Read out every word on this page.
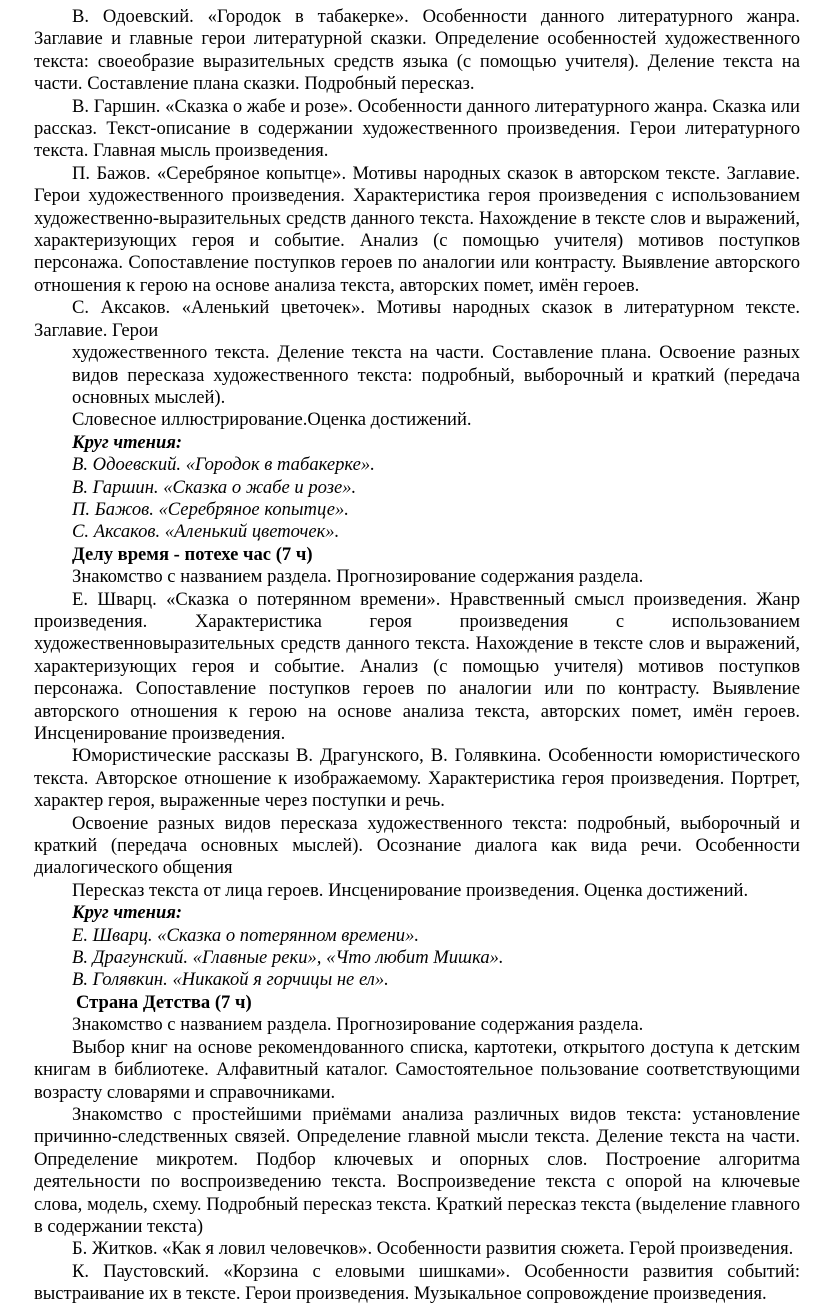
В. Одоевский. «Городок в табакерке». Особенности данного литературного жанра. Заглавие и главные герои литературной сказки. Определение особенностей художественного текста: своеобразие выразительных средств языка (с помощью учителя). Деление текста на части. Составление плана сказки. Подробный пересказ.
В. Гаршин. «Сказка о жабе и розе». Особенности данного литературного жанра. Сказка или рассказ. Текст-описание в содержании художественного произведения. Герои литературного текста. Главная мысль произведения.
П. Бажов. «Серебряное копытце». Мотивы народных сказок в авторском тексте. Заглавие. Герои художественного произведения. Характеристика героя произведения с использованием художественно-выразительных средств данного текста. Нахождение в тексте слов и выражений, характеризующих героя и событие. Анализ (с помощью учителя) мотивов поступков персонажа. Сопоставление поступков героев по аналогии или контрасту. Выявление авторского отношения к герою на основе анализа текста, авторских помет, имён героев.
С. Аксаков. «Аленький цветочек». Мотивы народных сказок в литературном тексте. Заглавие. Герои
художественного текста. Деление текста на части. Составление плана. Освоение разных видов пересказа художественного текста: подробный, выборочный и краткий (передача основных мыслей).
Словесное иллюстрирование.Оценка достижений.
Круг чтения:
В. Одоевский. «Городок в табакерке».
В. Гаршин. «Сказка о жабе и розе».
П. Бажов. «Серебряное копытце».
С. Аксаков. «Аленький цветочек».
Делу время - потехе час (7 ч)
Знакомство с названием раздела. Прогнозирование содержания раздела.
Е. Шварц. «Сказка о потерянном времени». Нравственный смысл произведения. Жанр произведения. Характеристика героя произведения с использованием художественновыразительных средств данного текста. Нахождение в тексте слов и выражений, характеризующих героя и событие. Анализ (с помощью учителя) мотивов поступков персонажа. Сопоставление поступков героев по аналогии или по контрасту. Выявление авторского отношения к герою на основе анализа текста, авторских помет, имён героев. Инсценирование произведения.
Юмористические рассказы В. Драгунского, В. Голявкина. Особенности юмористического текста. Авторское отношение к изображаемому. Характеристика героя произведения. Портрет, характер героя, выраженные через поступки и речь.
Освоение разных видов пересказа художественного текста: подробный, выборочный и краткий (передача основных мыслей). Осознание диалога как вида речи. Особенности диалогического общения
Пересказ текста от лица героев. Инсценирование произведения. Оценка достижений.
Круг чтения:
Е. Шварц. «Сказка о потерянном времени».
В. Драгунский. «Главные реки», «Что любит Мишка».
В. Голявкин. «Никакой я горчицы не ел».
Страна Детства (7 ч)
Знакомство с названием раздела. Прогнозирование содержания раздела.
Выбор книг на основе рекомендованного списка, картотеки, открытого доступа к детским книгам в библиотеке. Алфавитный каталог. Самостоятельное пользование соответствующими возрасту словарями и справочниками.
Знакомство с простейшими приёмами анализа различных видов текста: установление причинно-следственных связей. Определение главной мысли текста. Деление текста на части. Определение микротем. Подбор ключевых и опорных слов. Построение алгоритма деятельности по воспроизведению текста. Воспроизведение текста с опорой на ключевые слова, модель, схему. Подробный пересказ текста. Краткий пересказ текста (выделение главного в содержании текста)
Б. Житков. «Как я ловил человечков». Особенности развития сюжета. Герой произведения.
К. Паустовский. «Корзина с еловыми шишками». Особенности развития событий: выстраивание их в тексте. Герои произведения. Музыкальное сопровождение произведения.
